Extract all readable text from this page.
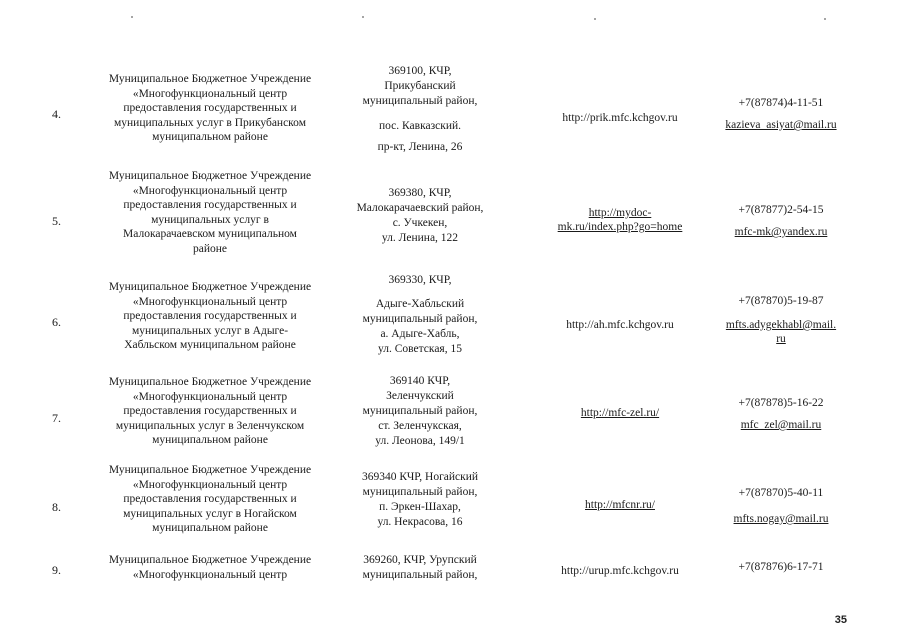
4.
Муниципальное Бюджетное Учреждение
«Многофункциональный центр
предоставления государственных и
муниципальных услуг в Прикубанском
муниципальном районе
369100, КЧР,
Прикубанский
муниципальный район,
пос. Кавказский.
пр-кт, Ленина, 26
http://prik.mfc.kchgov.ru
+7(87874)4-11-51
kazieva_asiyat@mail.ru
5.
Муниципальное Бюджетное Учреждение
«Многофункциональный центр
предоставления государственных и
муниципальных услуг в
Малокарачаевском муниципальном
районе
369380, КЧР,
Малокарачаевский район,
с. Учкекен,
ул. Ленина, 122
http://mydoc-
mk.ru/index.php?go=home
+7(87877)2-54-15
mfc-mk@yandex.ru
6.
Муниципальное Бюджетное Учреждение
«Многофункциональный центр
предоставления государственных и
муниципальных услуг в Адыге-
Хабльском муниципальном районе
369330, КЧР,
Адыге-Хабльский
муниципальный район,
а. Адыге-Хабль,
ул. Советская, 15
http://ah.mfc.kchgov.ru
+7(87870)5-19-87
mfts.adygekhabl@mail.
ru
7.
Муниципальное Бюджетное Учреждение
«Многофункциональный центр
предоставления государственных и
муниципальных услуг в Зеленчукском
муниципальном районе
369140 КЧР,
Зеленчукский
муниципальный район,
ст. Зеленчукская,
ул. Леонова, 149/1
http://mfc-zel.ru/
+7(87878)5-16-22
mfc_zel@mail.ru
8.
Муниципальное Бюджетное Учреждение
«Многофункциональный центр
предоставления государственных и
муниципальных услуг в Ногайском
муниципальном районе
369340 КЧР, Ногайский
муниципальный район,
п. Эркен-Шахар,
ул. Некрасова, 16
http://mfcnr.ru/
+7(87870)5-40-11
mfts.nogay@mail.ru
9.
Муниципальное Бюджетное Учреждение
«Многофункциональный центр
369260, КЧР, Урупский
муниципальный район,	http://urup.mfc.kchgov.ru	+7(87876)6-17-71
35
